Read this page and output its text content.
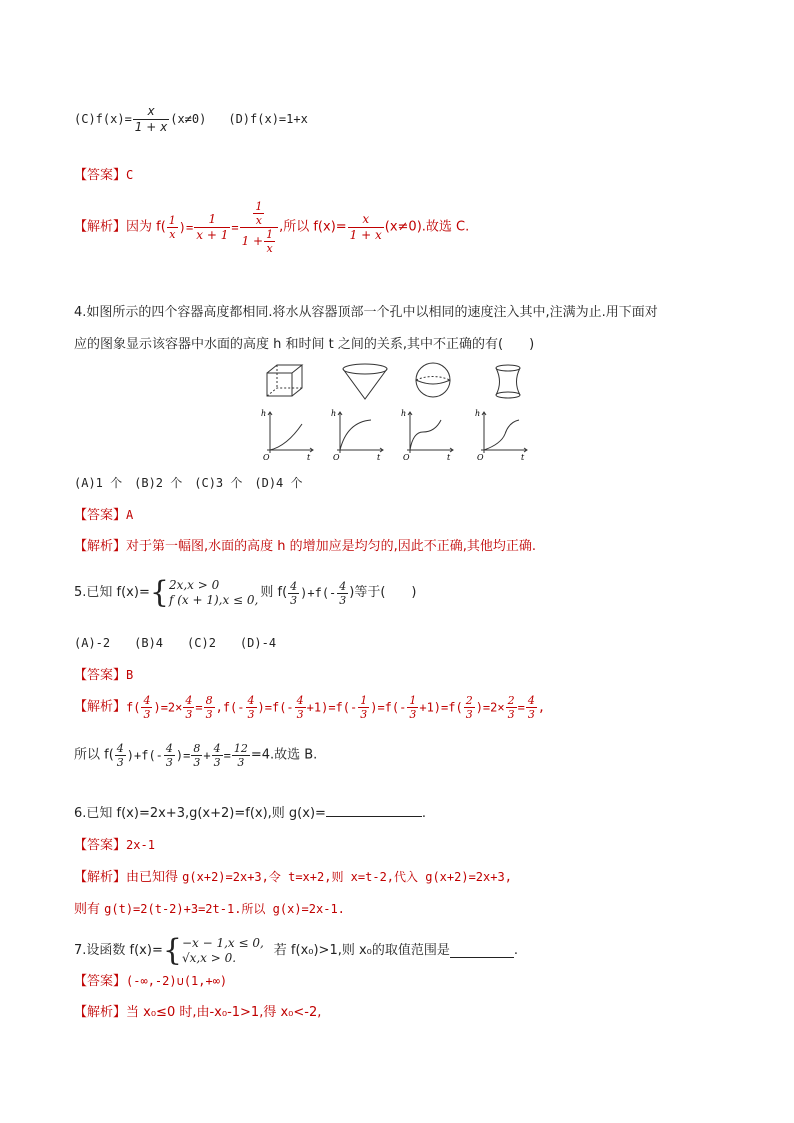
$(C)f(x)= \frac{x}{1 + x} (x\ne 0)$ (D)f(x)=1+x
【答案】C
【解析】因为 $f( \frac{1}{x}$ )= $\frac{1}{x + 1} = \frac{\frac{1}{x}}{1 + \frac{1}{x}}$ ,所以 $f(x)= \frac{x}{1 + x} (x\ne 0)$.故选 C.
4.如图所示的四个容器高度都相同.将水从容器顶部一个孔中以相同的速度注入其中,注满为止.用下面对
应的图象显示该容器中水面的高度 h 和时间 t 之间的关系,其中不正确的有(　　)
h
O	t
h
O	t
h
O	t
h
O	t
(A)1 个　(B)2 个　(C)3 个　(D)4 个
【答案】A
【解析】对于第一幅图,水面的高度 h 的增加应是均匀的,因此不正确,其他均正确.
5.已知 f(x)={ 2x,x > 0
f (x + 1),x ≤ 0, 则 $f( \frac{4}{3} )+f(- \frac{4}{3}$ )等于(　　)
(A)-2　　(B)4　　(C)2　　(D)-4
【答案】B
【解析】$f( \frac{4}{3} )=2\times \frac{4}{3} = \frac{8}{3} ,f(- \frac{4}{3} )=f(- \frac{4}{3} +1)=f(- \frac{1}{3} )=f(- \frac{1}{3} +1)=f( \frac{2}{3} )=2\times \frac{2}{3} = \frac{4}{3}$ ,
所以 $f( \frac{4}{3} )+f(- \frac{4}{3}$ )= $\frac{8}{3} + \frac{4}{3} = \frac{12}{3} =4$.故选 B.
6.已知 f(x)=2x+3,g(x+2)=f(x),则 g(x)=	.
【答案】2x-1
【解析】由已知得 g(x+2)=2x+3,令 t=x+2,则 x=t-2,代入 g(x+2)=2x+3,
则有 g(t)=2(t-2)+3=2t-1.所以 g(x)=2x-1.
7.设函数 f(x)={ −x − 1,x ≤ 0,
√x,x > 0.	若 f(x₀)>1,则 x₀的取值范围是	.
【答案】(-∞,-2)∪(1,+∞)
【解析】当 x₀≤0 时,由-x₀-1>1,得 x₀<-2,
